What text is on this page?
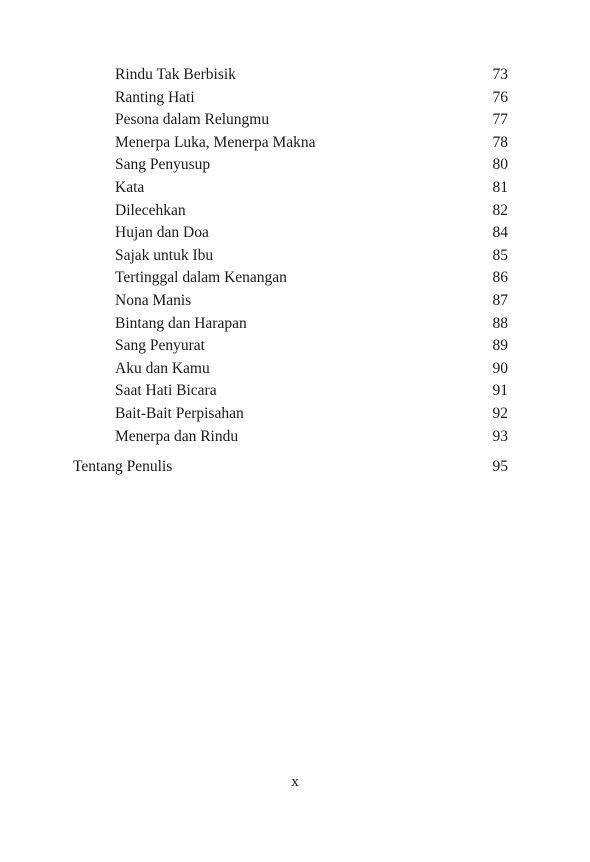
Rindu Tak Berbisik	73
Ranting Hati	76
Pesona dalam Relungmu	77
Menerpa Luka, Menerpa Makna	78
Sang Penyusup	80
Kata	81
Dilecehkan	82
Hujan dan Doa	84
Sajak untuk Ibu	85
Tertinggal dalam Kenangan	86
Nona Manis	87
Bintang dan Harapan	88
Sang Penyurat	89
Aku dan Kamu	90
Saat Hati Bicara	91
Bait-Bait Perpisahan	92
Menerpa dan Rindu	93
Tentang Penulis	95
x
